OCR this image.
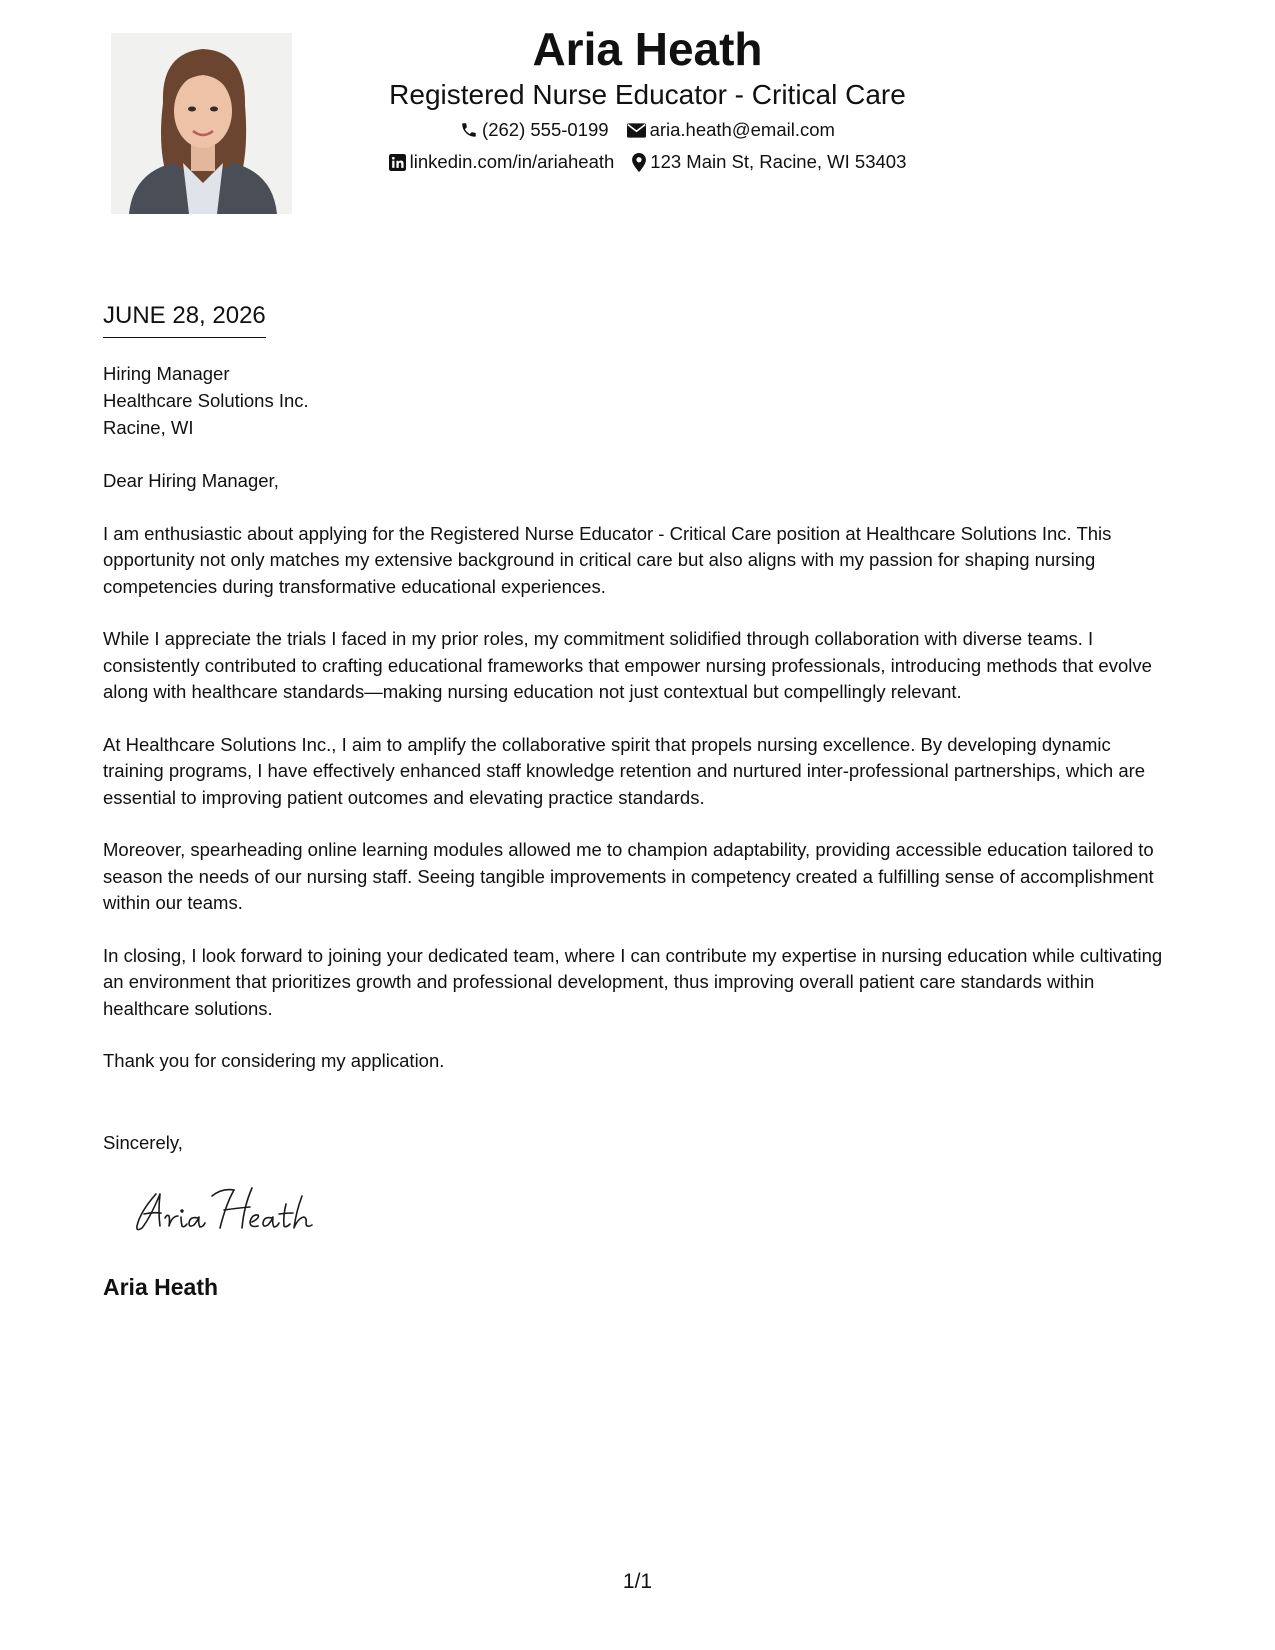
Aria Heath
Registered Nurse Educator - Critical Care
(262) 555-0199 aria.heath@email.com
linkedin.com/in/ariaheath 123 Main St, Racine, WI 53403
JUNE 28, 2026
Hiring Manager
Healthcare Solutions Inc.
Racine, WI

Dear Hiring Manager,

I am enthusiastic about applying for the Registered Nurse Educator - Critical Care position at Healthcare Solutions Inc. This opportunity not only matches my extensive background in critical care but also aligns with my passion for shaping nursing competencies during transformative educational experiences.

While I appreciate the trials I faced in my prior roles, my commitment solidified through collaboration with diverse teams. I consistently contributed to crafting educational frameworks that empower nursing professionals, introducing methods that evolve along with healthcare standards—making nursing education not just contextual but compellingly relevant.

At Healthcare Solutions Inc., I aim to amplify the collaborative spirit that propels nursing excellence. By developing dynamic training programs, I have effectively enhanced staff knowledge retention and nurtured inter-professional partnerships, which are essential to improving patient outcomes and elevating practice standards.

Moreover, spearheading online learning modules allowed me to champion adaptability, providing accessible education tailored to season the needs of our nursing staff. Seeing tangible improvements in competency created a fulfilling sense of accomplishment within our teams.

In closing, I look forward to joining your dedicated team, where I can contribute my expertise in nursing education while cultivating an environment that prioritizes growth and professional development, thus improving overall patient care standards within healthcare solutions.

Thank you for considering my application.

Sincerely,
Aria Heath
1/1
